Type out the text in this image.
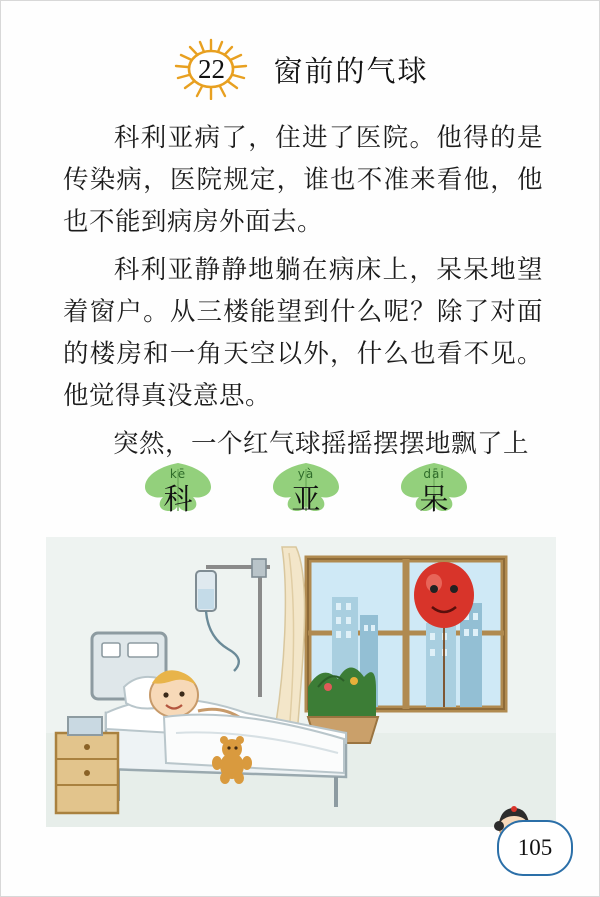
22 窗前的气球

科利亚病了，住进了医院。他得的是传染病，医院规定，谁也不准来看他，他也不能到病房外面去。

科利亚静静地躺在病床上，呆呆地望着窗户。从三楼能望到什么呢？除了对面的楼房和一角天空以外，什么也看不见。他觉得真没意思。

突然，一个红气球摇摇摆摆地飘了上

kē
科
yà
亚
dāi
呆
105
